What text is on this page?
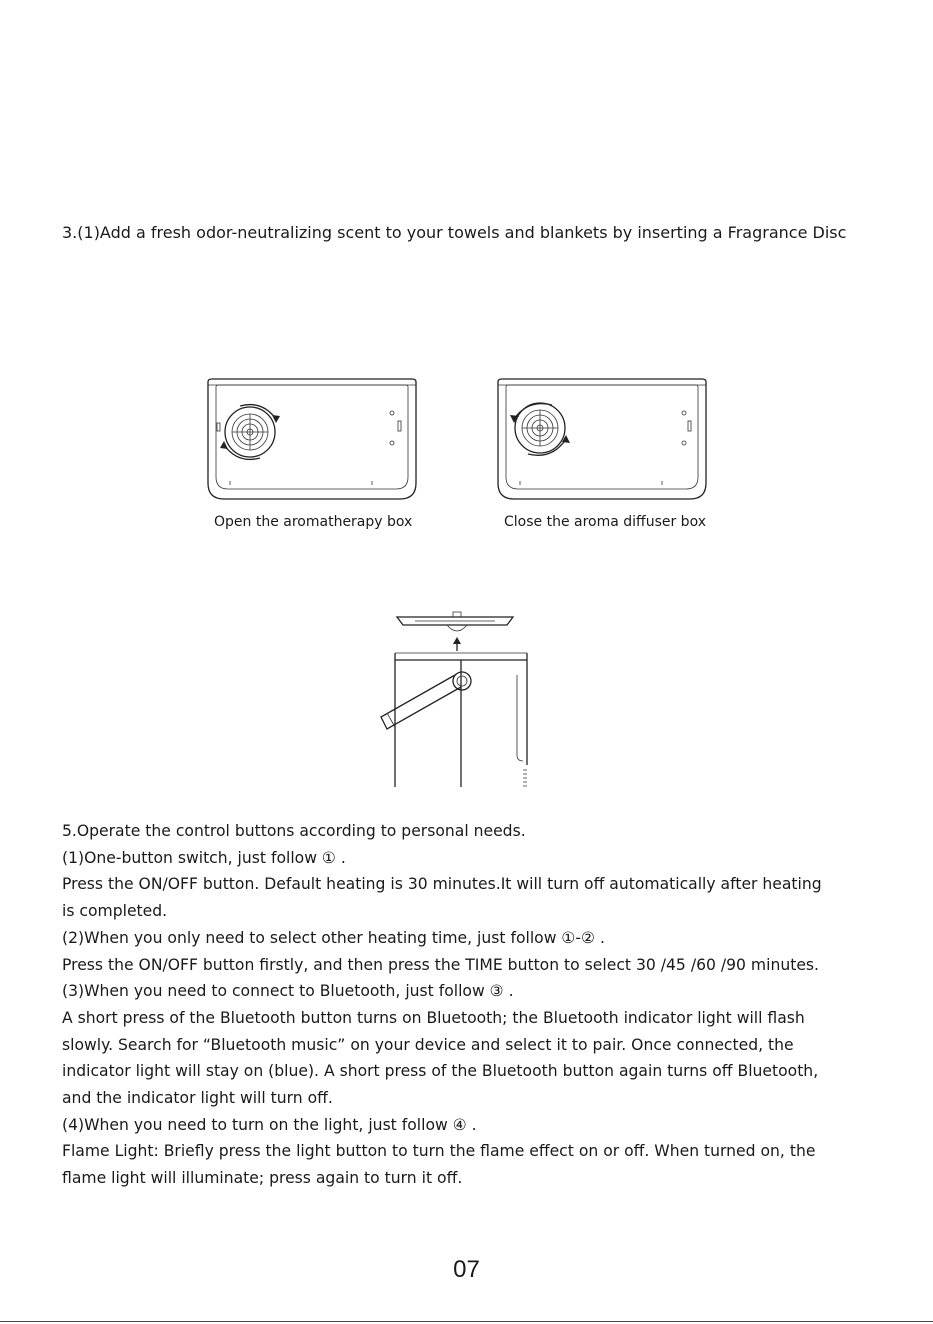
3.(1)Add a fresh odor-neutralizing scent to your towels and blankets by inserting a Fragrance Disc
Open the aromatherapy box	Close the aroma diffuser box

5.Operate the control buttons according to personal needs.

(1)One-button switch, just follow ① .

Press the ON/OFF button. Default heating is 30 minutes.It will turn off automatically after heating

is completed.

(2)When you only need to select other heating time, just follow ①-② .

Press the ON/OFF button firstly, and then press the TIME button to select 30 /45 /60 /90 minutes.

(3)When you need to connect to Bluetooth, just follow ③ .

A short press of the Bluetooth button turns on Bluetooth; the Bluetooth indicator light will flash

slowly. Search for “Bluetooth music” on your device and select it to pair. Once connected, the

indicator light will stay on (blue). A short press of the Bluetooth button again turns off Bluetooth,

and the indicator light will turn off.

(4)When you need to turn on the light, just follow ④ .

Flame Light: Briefly press the light button to turn the flame effect on or off. When turned on, the

flame light will illuminate; press again to turn it off.

07
